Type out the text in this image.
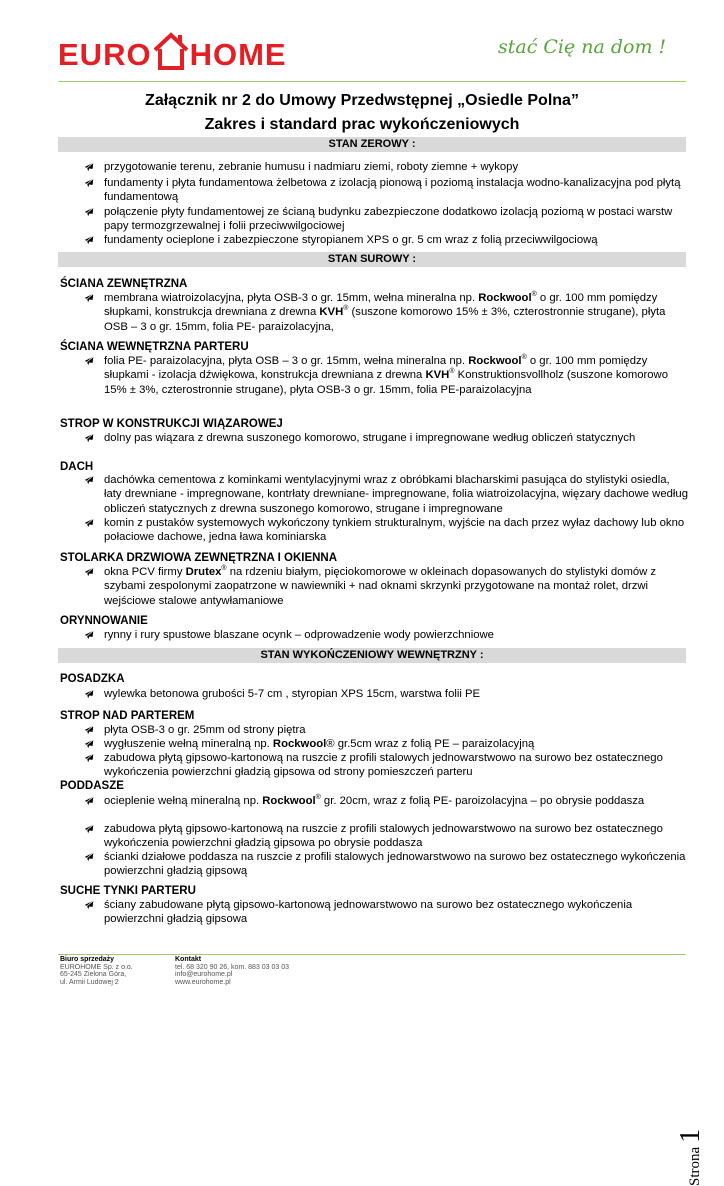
EURO HOME	stać Cię na dom !
Załącznik nr 2 do Umowy Przedwstępnej „Osiedle Polna”
Zakres i standard prac wykończeniowych
STAN ZEROWY :
przygotowanie terenu, zebranie humusu i nadmiaru ziemi, roboty ziemne + wykopy
fundamenty i płyta fundamentowa żelbetowa z izolacją pionową i poziomą instalacja wodno-kanalizacyjna pod płytą fundamentową
połączenie płyty fundamentowej ze ścianą budynku zabezpieczone dodatkowo izolacją poziomą w postaci warstw papy termozgrzewalnej i folii przeciwwilgociowej
fundamenty ocieplone i zabezpieczone styropianem XPS o gr. 5 cm wraz z folią przeciwwilgociową
STAN SUROWY :
ŚCIANA ZEWNĘTRZNA
membrana wiatroizolacyjna, płyta OSB-3 o gr. 15mm, wełna mineralna np. Rockwool® o gr. 100 mm pomiędzy słupkami, konstrukcja drewniana z drewna KVH® (suszone komorowo 15% ± 3%, czterostronnie strugane), płyta OSB – 3 o gr. 15mm, folia PE- paraizolacyjna,
ŚCIANA WEWNĘTRZNA PARTERU
folia PE- paraizolacyjna, płyta OSB – 3 o gr. 15mm, wełna mineralna np. Rockwool® o gr. 100 mm pomiędzy słupkami - izolacja dźwiękowa, konstrukcja drewniana z drewna KVH® Konstruktionsvollholz (suszone komorowo 15% ± 3%, czterostronnie strugane), płyta OSB-3 o gr. 15mm, folia PE-paraizolacyjna
STROP W KONSTRUKCJI WIĄZAROWEJ
dolny pas wiązara z drewna suszonego komorowo, strugane i impregnowane według obliczeń statycznych
DACH
dachówka cementowa z kominkami wentylacyjnymi wraz z obróbkami blacharskimi pasująca do stylistyki osiedla, łaty drewniane - impregnowane, kontrłaty drewniane- impregnowane, folia wiatroizolacyjna, więzary dachowe według obliczeń statycznych z drewna suszonego komorowo, strugane i impregnowane
komin z pustaków systemowych wykończony tynkiem strukturalnym, wyjście na dach przez wyłaz dachowy lub okno połaciowe dachowe, jedna ława kominiarska
STOLARKA DRZWIOWA ZEWNĘTRZNA I OKIENNA
okna PCV firmy Drutex® na rdzeniu białym, pięciokomorowe w okleinach dopasowanych do stylistyki domów z szybami zespolonymi zaopatrzone w nawiewniki + nad oknami skrzynki przygotowane na montaż rolet, drzwi wejściowe stalowe antywłamaniowe
ORYNNOWANIE
rynny i rury spustowe blaszane ocynk – odprowadzenie wody powierzchniowe
STAN WYKOŃCZENIOWY WEWNĘTRZNY :
POSADZKA
wylewka betonowa grubości 5-7 cm , styropian XPS 15cm, warstwa folii PE
STROP NAD PARTEREM
płyta OSB-3 o gr. 25mm od strony piętra
wygłuszenie wełną mineralną np. Rockwool® gr.5cm wraz z folią PE – paraizolacyjną
zabudowa płytą gipsowo-kartonową na ruszcie z profili stalowych jednowarstwowo na surowo bez ostatecznego wykończenia powierzchni gładzią gipsowa od strony pomieszczeń parteru
PODDASZE
ocieplenie wełną mineralną np. Rockwool® gr. 20cm, wraz z folią PE- paroizolacyjna – po obrysie poddasza
zabudowa płytą gipsowo-kartonową na ruszcie z profili stalowych jednowarstwowo na surowo bez ostatecznego wykończenia powierzchni gładzią gipsowa po obrysie poddasza
ścianki działowe poddasza na ruszcie z profili stalowych jednowarstwowo na surowo bez ostatecznego wykończenia powierzchni gładzią gipsową
SUCHE TYNKI PARTERU
ściany zabudowane płytą gipsowo-kartonową jednowarstwowo na surowo bez ostatecznego wykończenia powierzchni gładzią gipsowa
Strona 1
Biuro sprzedaży
EUROHOME Sp. z o.o.
65-245 Zielona Góra,
ul. Armii Ludowej 2
Kontakt
tel. 68 320 90 26, kom. 883 03 03 03
info@eurohome.pl
www.eurohome.pl
